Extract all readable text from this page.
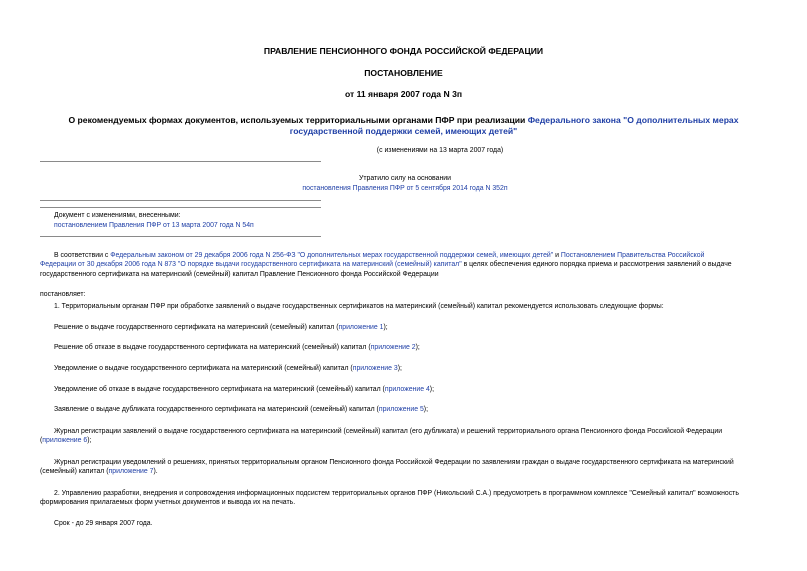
ПРАВЛЕНИЕ ПЕНСИОННОГО ФОНДА РОССИЙСКОЙ ФЕДЕРАЦИИ
ПОСТАНОВЛЕНИЕ
от 11 января 2007 года N 3п
О рекомендуемых формах документов, используемых территориальными органами ПФР при реализации Федерального закона "О дополнительных мерах
государственной поддержки семей, имеющих детей"
(с изменениями на 13 марта 2007 года)
Утратило силу на основании
постановления Правления ПФР от 5 сентября 2014 года N 352п
Документ с изменениями, внесенными:
постановлением Правления ПФР от 13 марта 2007 года N 54п

В соответствии с Федеральным законом от 29 декабря 2006 года N 256-ФЗ "О дополнительных мерах государственной поддержки семей, имеющих детей" и Постановлением Правительства Российской
Федерации от 30 декабря 2006 года N 873 "О порядке выдачи государственного сертификата на материнский (семейный) капитал" в целях обеспечения единого порядка приема и рассмотрения заявлений о выдаче
государственного сертификата на материнский (семейный) капитал Правление Пенсионного фонда Российской Федерации

постановляет:
1. Территориальным органам ПФР при обработке заявлений о выдаче государственных сертификатов на материнский (семейный) капитал рекомендуется использовать следующие формы:
Решение о выдаче государственного сертификата на материнский (семейный) капитал (приложение 1);
Решение об отказе в выдаче государственного сертификата на материнский (семейный) капитал (приложение 2);
Уведомление о выдаче государственного сертификата на материнский (семейный) капитал (приложение 3);
Уведомление об отказе в выдаче государственного сертификата на материнский (семейный) капитал (приложение 4);
Заявление о выдаче дубликата государственного сертификата на материнский (семейный) капитал (приложение 5);

Журнал регистрации заявлений о выдаче государственного сертификата на материнский (семейный) капитал (его дубликата) и решений территориального органа Пенсионного фонда Российской Федерации
(приложение 6);

Журнал регистрации уведомлений о решениях, принятых территориальным органом Пенсионного фонда Российской Федерации по заявлениям граждан о выдаче государственного сертификата на материнский
(семейный) капитал (приложение 7).

2. Управлению разработки, внедрения и сопровождения информационных подсистем территориальных органов ПФР (Никольский С.А.) предусмотреть в программном комплексе "Семейный капитал" возможность
формирования прилагаемых форм учетных документов и вывода их на печать.

Срок - до 29 января 2007 года.
